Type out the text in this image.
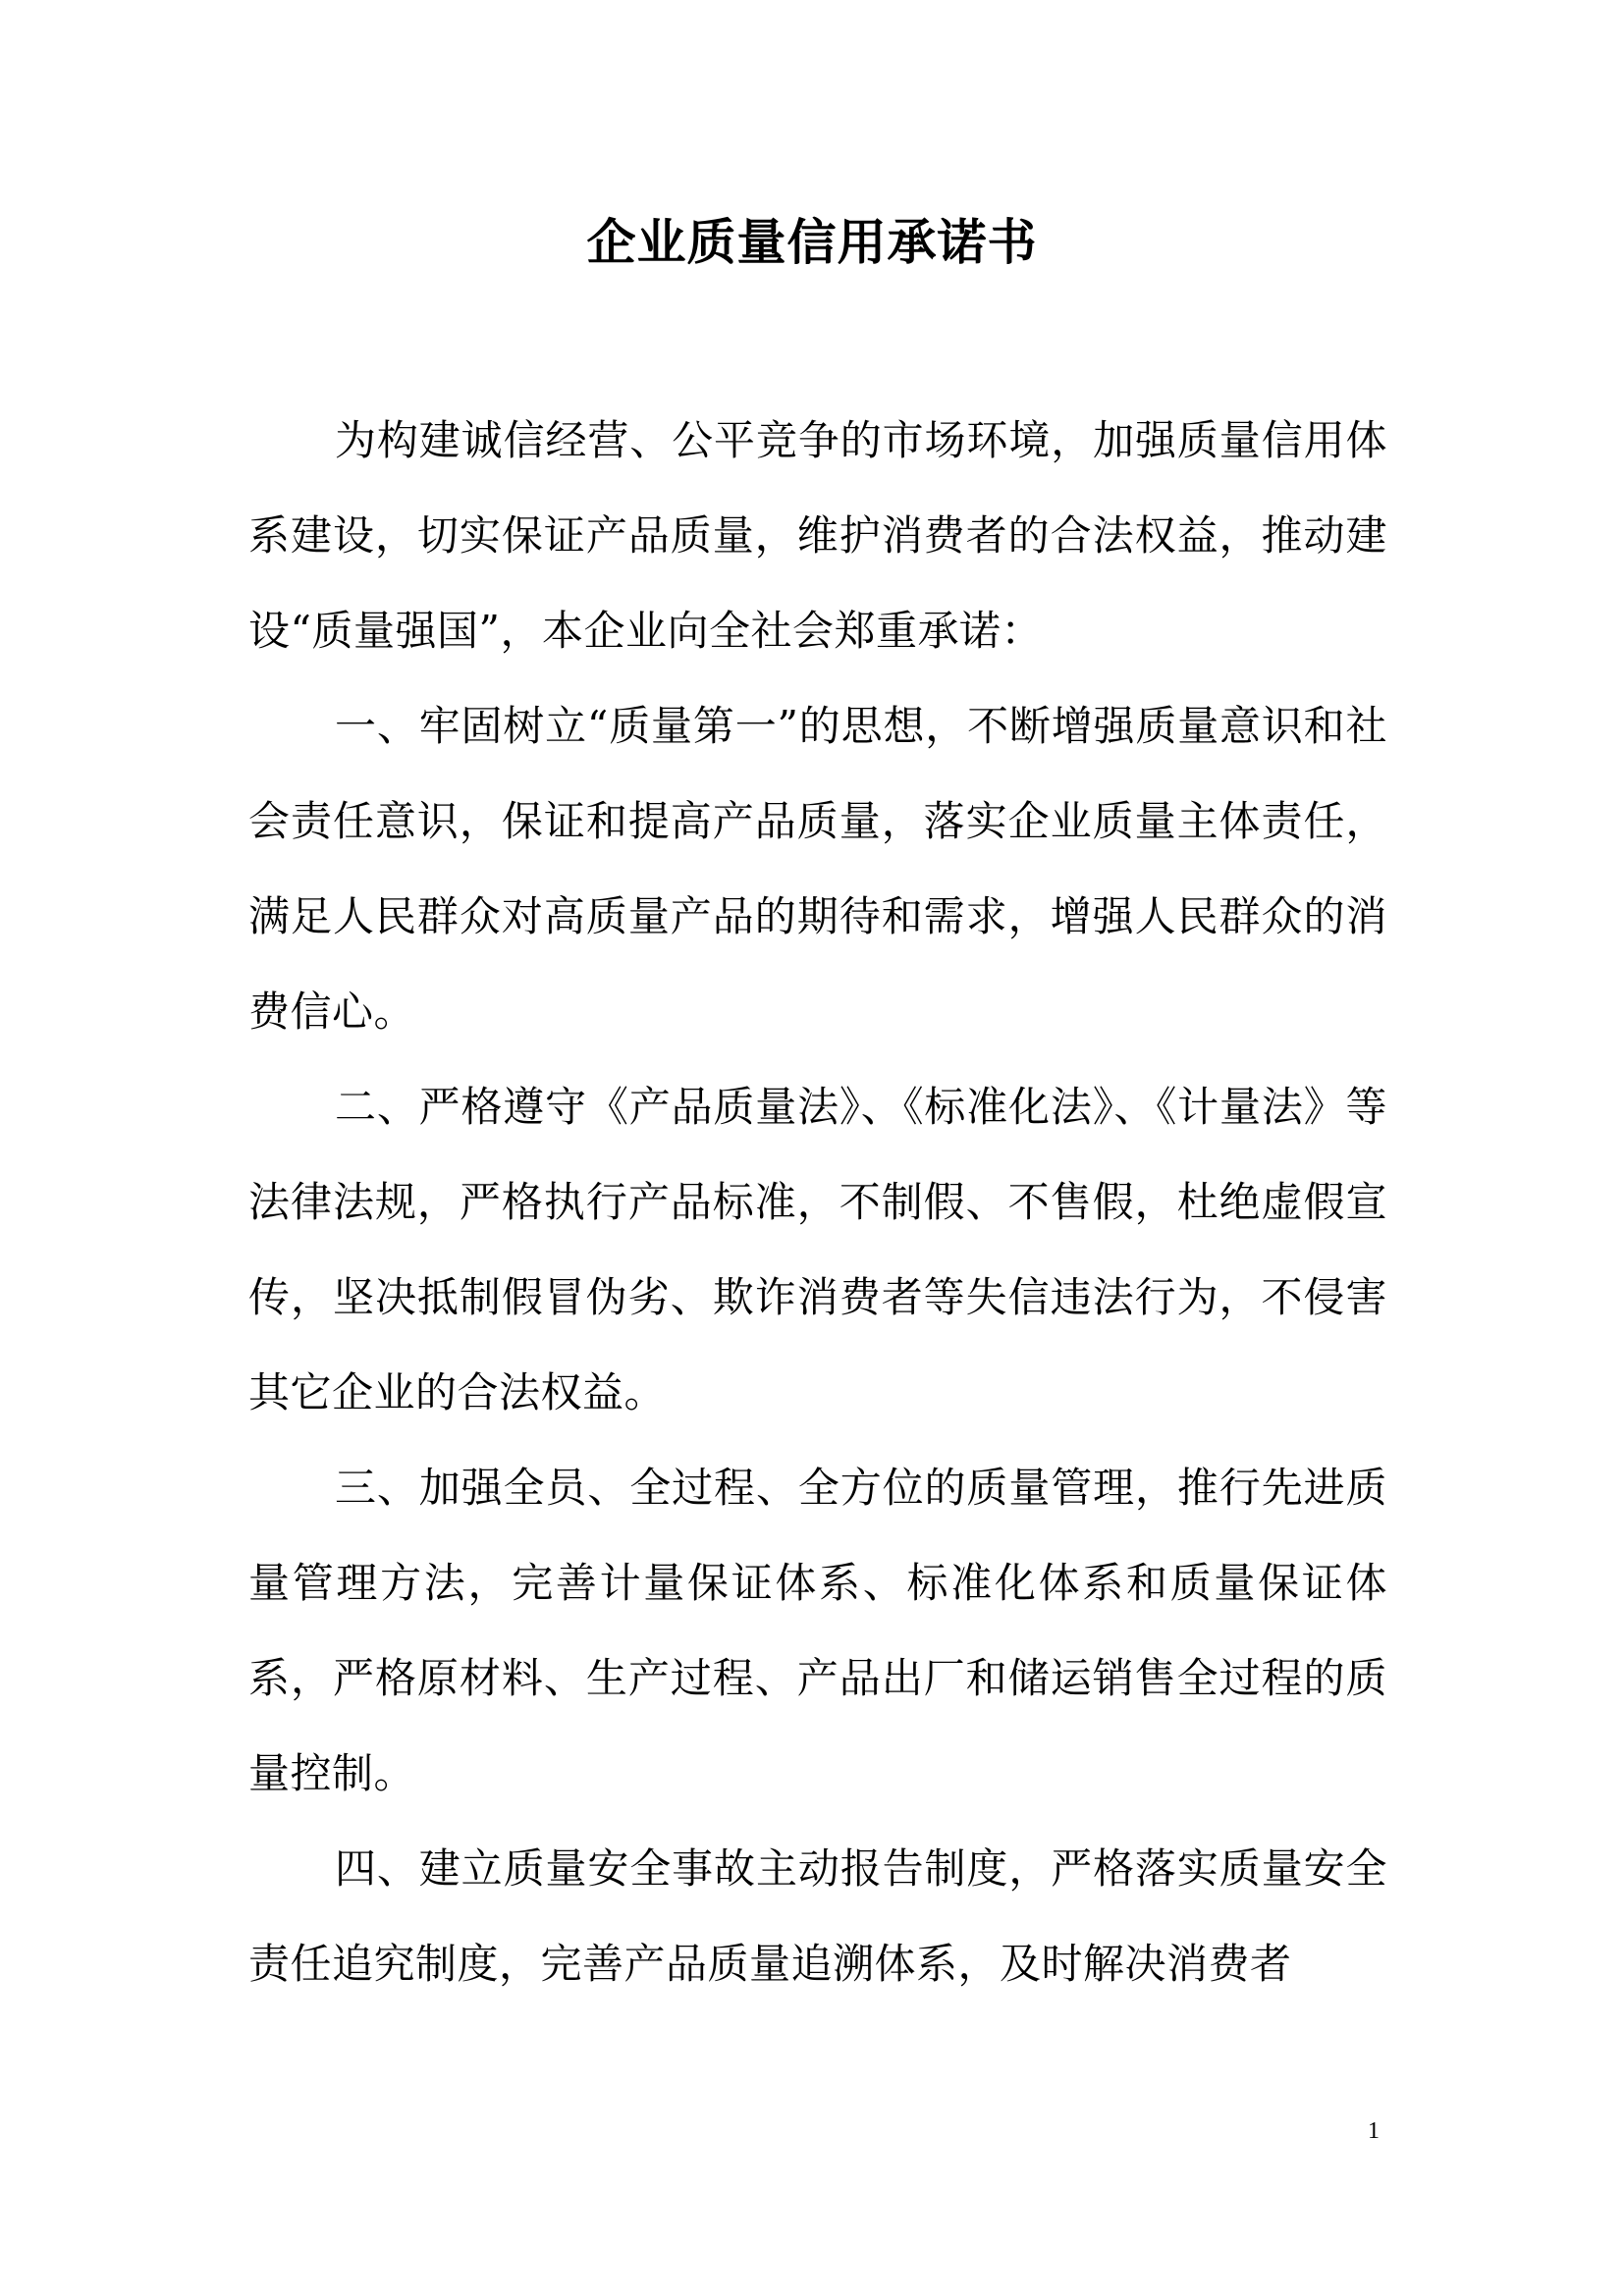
企业质量信用承诺书

为构建诚信经营、公平竞争的市场环境，加强质量信用体系建设，切实保证产品质量，维护消费者的合法权益，推动建设“质量强国”，本企业向全社会郑重承诺：

一、牢固树立“质量第一”的思想，不断增强质量意识和社会责任意识，保证和提高产品质量，落实企业质量主体责任，满足人民群众对高质量产品的期待和需求，增强人民群众的消费信心。

二、严格遵守《产品质量法》、《标准化法》、《计量法》等法律法规，严格执行产品标准，不制假、不售假，杜绝虚假宣传，坚决抵制假冒伪劣、欺诈消费者等失信违法行为，不侵害其它企业的合法权益。

三、加强全员、全过程、全方位的质量管理，推行先进质量管理方法，完善计量保证体系、标准化体系和质量保证体系，严格原材料、生产过程、产品出厂和储运销售全过程的质量控制。

四、建立质量安全事故主动报告制度，严格落实质量安全责任追究制度，完善产品质量追溯体系，及时解决消费者

1
